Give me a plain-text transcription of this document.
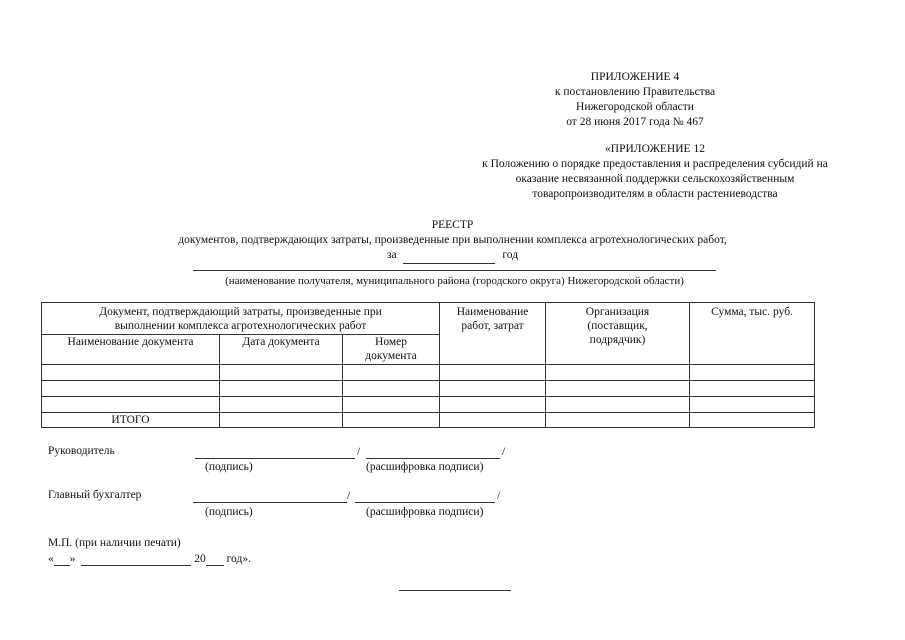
ПРИЛОЖЕНИЕ 4
к постановлению Правительства
Нижегородской области
от 28 июня 2017 года № 467
«ПРИЛОЖЕНИЕ 12
к Положению о порядке предоставления и распределения субсидий на
оказание несвязанной поддержки сельскохозяйственным
товаропроизводителям в области растениеводства
РЕЕСТР
документов, подтверждающих затраты, произведенные при выполнении комплекса агротехнологических работ,
за	год
(наименование получателя, муниципального района (городского округа) Нижегородской области)
Документ, подтверждающий затраты, произведенные при выполнении комплекса агротехнологических работ			Наименование работ, затрат	Организация (поставщик, подрядчик)	Сумма, тыс. руб.
Наименование документа	Дата документа	Номер документа			

ИТОГО					
Руководитель	/	/
(подпись)	(расшифровка подписи)
Главный бухгалтер	/	/
(подпись)	(расшифровка подписи)
М.П. (при наличии печати)
« »	20 год».
